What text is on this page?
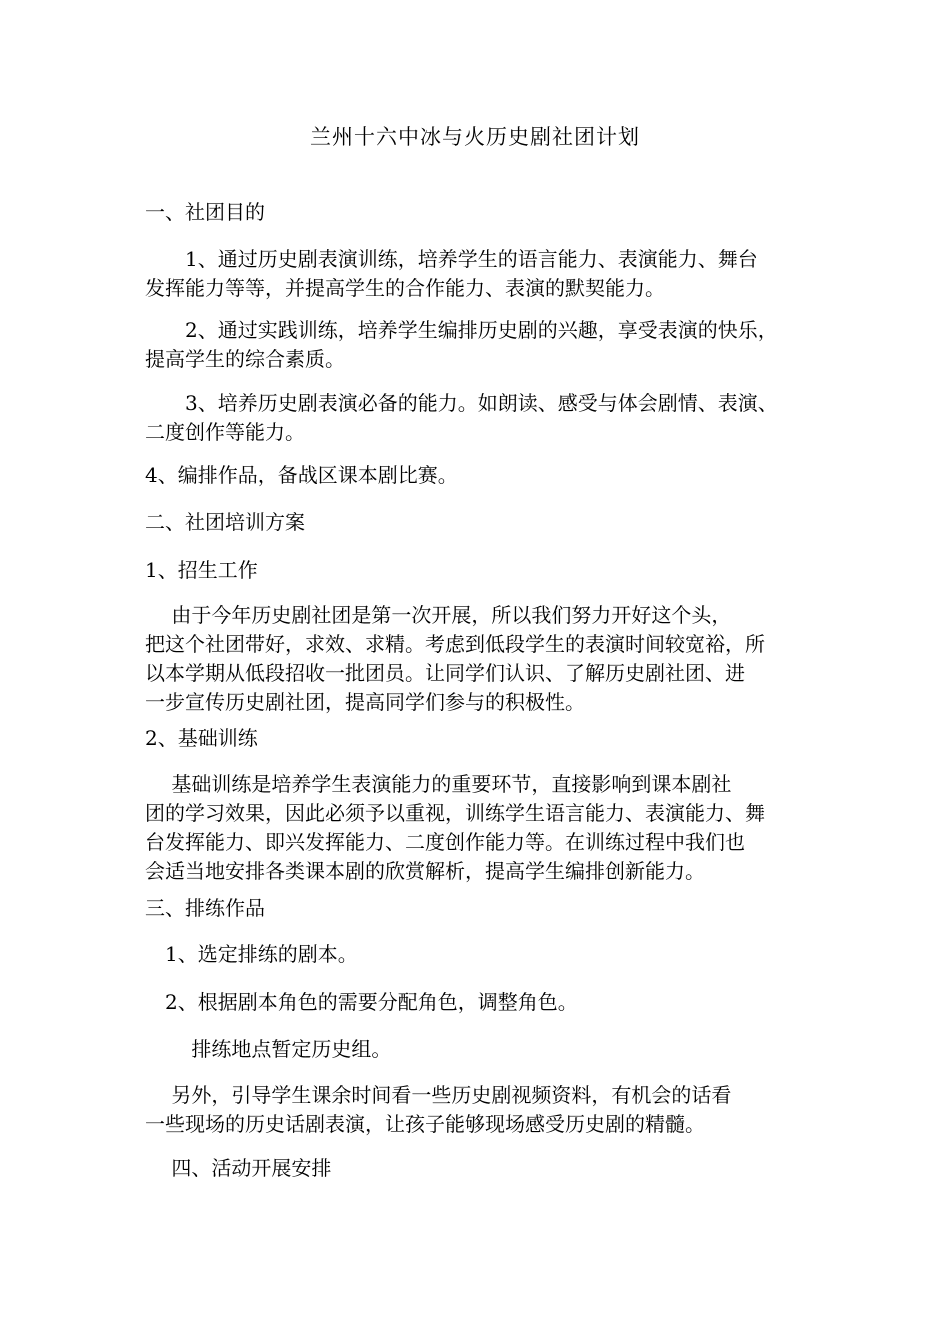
兰州十六中冰与火历史剧社团计划
一、社团目的
　　1、通过历史剧表演训练，培养学生的语言能力、表演能力、舞台
发挥能力等等，并提高学生的合作能力、表演的默契能力。
　　2、通过实践训练，培养学生编排历史剧的兴趣，享受表演的快乐，
提高学生的综合素质。
　　3、培养历史剧表演必备的能力。如朗读、感受与体会剧情、表演、
二度创作等能力。
4、编排作品，备战区课本剧比赛。
二、社团培训方案
1、招生工作
　 由于今年历史剧社团是第一次开展，所以我们努力开好这个头，
把这个社团带好，求效、求精。考虑到低段学生的表演时间较宽裕，所
以本学期从低段招收一批团员。让同学们认识、了解历史剧社团、进
一步宣传历史剧社团，提高同学们参与的积极性。
2、基础训练
　 基础训练是培养学生表演能力的重要环节，直接影响到课本剧社
团的学习效果，因此必须予以重视，训练学生语言能力、表演能力、舞
台发挥能力、即兴发挥能力、二度创作能力等。在训练过程中我们也
会适当地安排各类课本剧的欣赏解析，提高学生编排创新能力。
三、排练作品
　1、选定排练的剧本。
　2、根据剧本角色的需要分配角色，调整角色。
　　 排练地点暂定历史组。
　 另外，引导学生课余时间看一些历史剧视频资料，有机会的话看
一些现场的历史话剧表演，让孩子能够现场感受历史剧的精髓。
　 四、活动开展安排
